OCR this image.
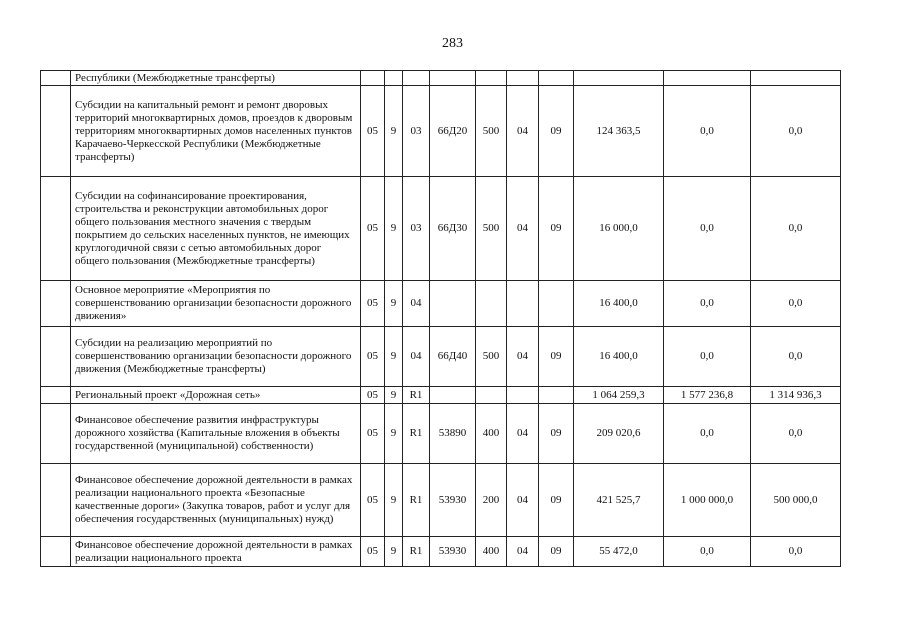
283
	Республики (Межбюджетные трансферты)										
	Субсидии на капитальный ремонт и ремонт дворовых территорий многоквартирных домов, проездов к дворовым территориям многоквартирных домов населенных пунктов Карачаево-Черкесской Республики (Межбюджетные трансферты)	05	9	03	66Д20	500	04	09	124 363,5	0,0	0,0
	Субсидии на софинансирование проектирования, строительства и реконструкции автомобильных дорог общего пользования местного значения с твердым покрытием до сельских населенных пунктов, не имеющих круглогодичной связи с сетью автомобильных дорог общего пользования (Межбюджетные трансферты)	05	9	03	66Д30	500	04	09	16 000,0	0,0	0,0
	Основное мероприятие «Мероприятия по совершенствованию организации безопасности дорожного движения»	05	9	04					16 400,0	0,0	0,0
	Субсидии на реализацию мероприятий по совершенствованию организации безопасности дорожного движения (Межбюджетные трансферты)	05	9	04	66Д40	500	04	09	16 400,0	0,0	0,0
	Региональный проект «Дорожная сеть»	05	9	R1					1 064 259,3	1 577 236,8	1 314 936,3
	Финансовое обеспечение развития инфраструктуры дорожного хозяйства (Капитальные вложения в объекты государственной (муниципальной) собственности)	05	9	R1	53890	400	04	09	209 020,6	0,0	0,0
	Финансовое обеспечение дорожной деятельности в рамках реализации национального проекта «Безопасные качественные дороги» (Закупка товаров, работ и услуг для обеспечения государственных (муниципальных) нужд)	05	9	R1	53930	200	04	09	421 525,7	1 000 000,0	500 000,0
	Финансовое обеспечение дорожной деятельности в рамках реализации национального проекта	05	9	R1	53930	400	04	09	55 472,0	0,0	0,0
